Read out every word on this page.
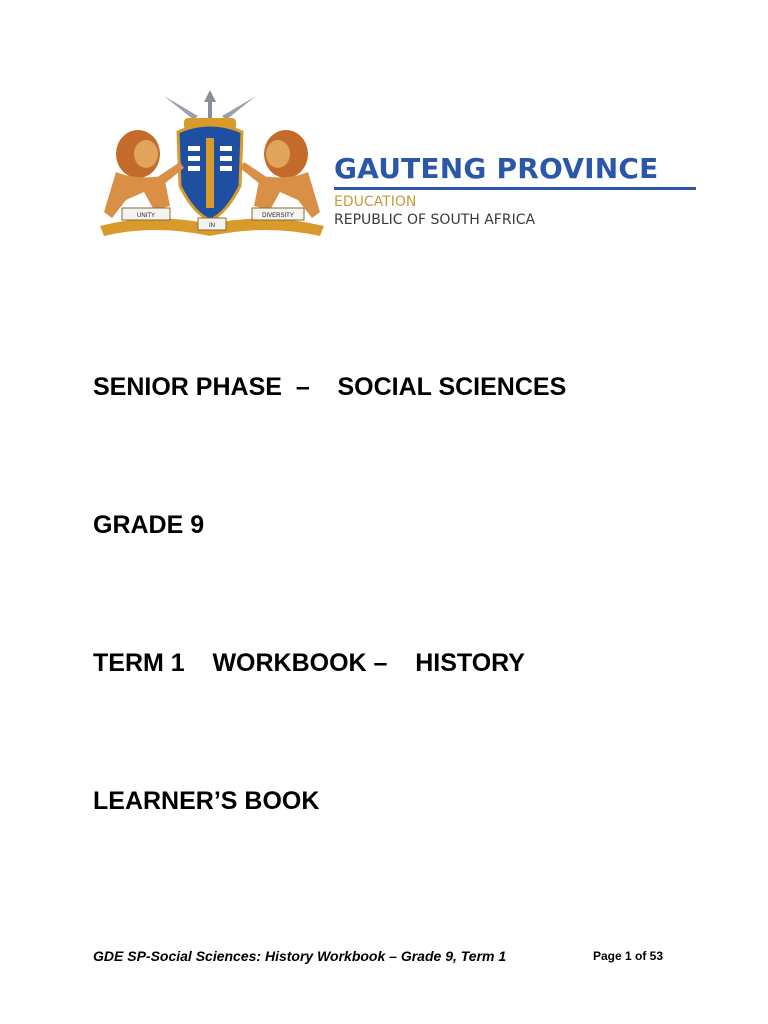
UNITY
IN
DIVERSITY
GAUTENG PROVINCE
EDUCATION
REPUBLIC OF SOUTH AFRICA

SENIOR PHASE  –    SOCIAL SCIENCES

GRADE 9

TERM 1    WORKBOOK –    HISTORY

LEARNER’S BOOK

GDE SP-Social Sciences: History Workbook – Grade 9, Term 1	Page 1 of 53
